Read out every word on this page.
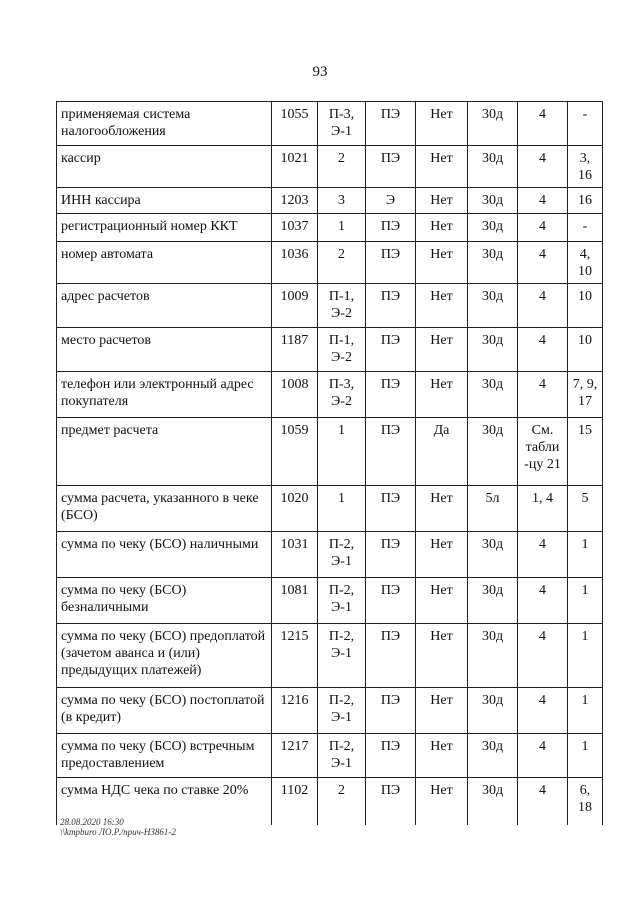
93
применяемая система налогообложения	1055	П-3, Э-1	ПЭ	Нет	30д	4	-
кассир	1021	2	ПЭ	Нет	30д	4	3, 16
ИНН кассира	1203	3	Э	Нет	30д	4	16
регистрационный номер ККТ	1037	1	ПЭ	Нет	30д	4	-
номер автомата	1036	2	ПЭ	Нет	30д	4	4, 10
адрес расчетов	1009	П-1, Э-2	ПЭ	Нет	30д	4	10
место расчетов	1187	П-1, Э-2	ПЭ	Нет	30д	4	10
телефон или электронный адрес покупателя	1008	П-3, Э-2	ПЭ	Нет	30д	4	7, 9, 17
предмет расчета	1059	1	ПЭ	Да	30д	См. табли -цу 21	15
сумма расчета, указанного в чеке (БСО)	1020	1	ПЭ	Нет	5л	1, 4	5
сумма по чеку (БСО) наличными	1031	П-2, Э-1	ПЭ	Нет	30д	4	1
сумма по чеку (БСО) безналичными	1081	П-2, Э-1	ПЭ	Нет	30д	4	1
сумма по чеку (БСО) предоплатой (зачетом аванса и (или) предыдущих платежей)	1215	П-2, Э-1	ПЭ	Нет	30д	4	1
сумма по чеку (БСО) постоплатой (в кредит)	1216	П-2, Э-1	ПЭ	Нет	30д	4	1
сумма по чеку (БСО) встречным предоставлением	1217	П-2, Э-1	ПЭ	Нет	30д	4	1
сумма НДС чека по ставке 20%	1102	2	ПЭ	Нет	30д	4	6, 18
28.08.2020 16:30
\\kmpburo ЛО.Р./прич-Н3861-2
